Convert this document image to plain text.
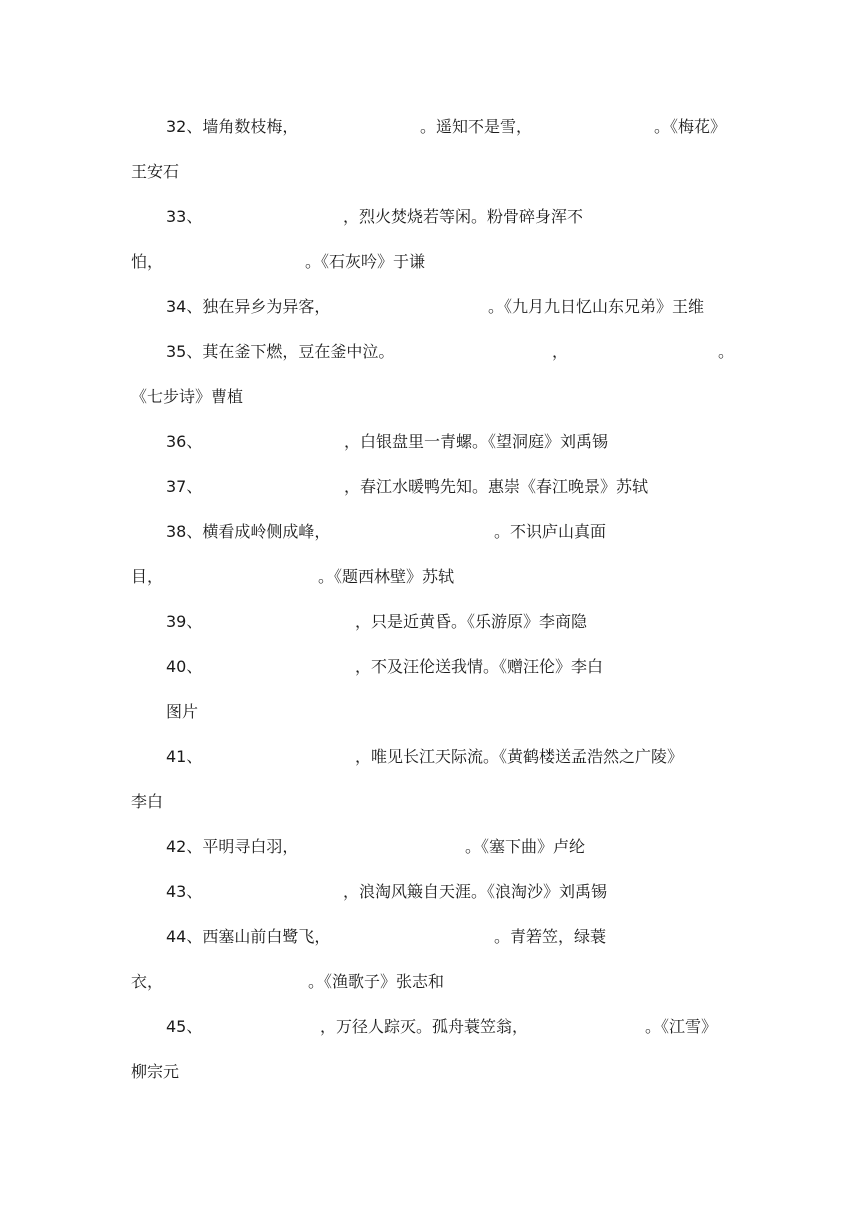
32、墙角数枝梅，	。遥知不是雪，	。《梅花》
王安石
33、	，烈火焚烧若等闲。粉骨碎身浑不
怕，	。《石灰吟》于谦
34、独在异乡为异客，	。《九月九日忆山东兄弟》王维
35、萁在釜下燃，豆在釜中泣。	，	。
《七步诗》曹植
36、	，白银盘里一青螺。《望洞庭》刘禹锡
37、	，春江水暖鸭先知。惠崇《春江晚景》苏轼
38、横看成岭侧成峰，	。不识庐山真面
目，	。《题西林壁》苏轼
39、	，只是近黄昏。《乐游原》李商隐
40、	，不及汪伦送我情。《赠汪伦》李白
图片
41、	，唯见长江天际流。《黄鹤楼送孟浩然之广陵》
李白
42、平明寻白羽，	。《塞下曲》卢纶
43、	，浪淘风簸自天涯。《浪淘沙》刘禹锡
44、西塞山前白鹭飞，	。青箬笠，绿蓑
衣，	。《渔歌子》张志和
45、	，万径人踪灭。孤舟蓑笠翁，	。《江雪》
柳宗元
